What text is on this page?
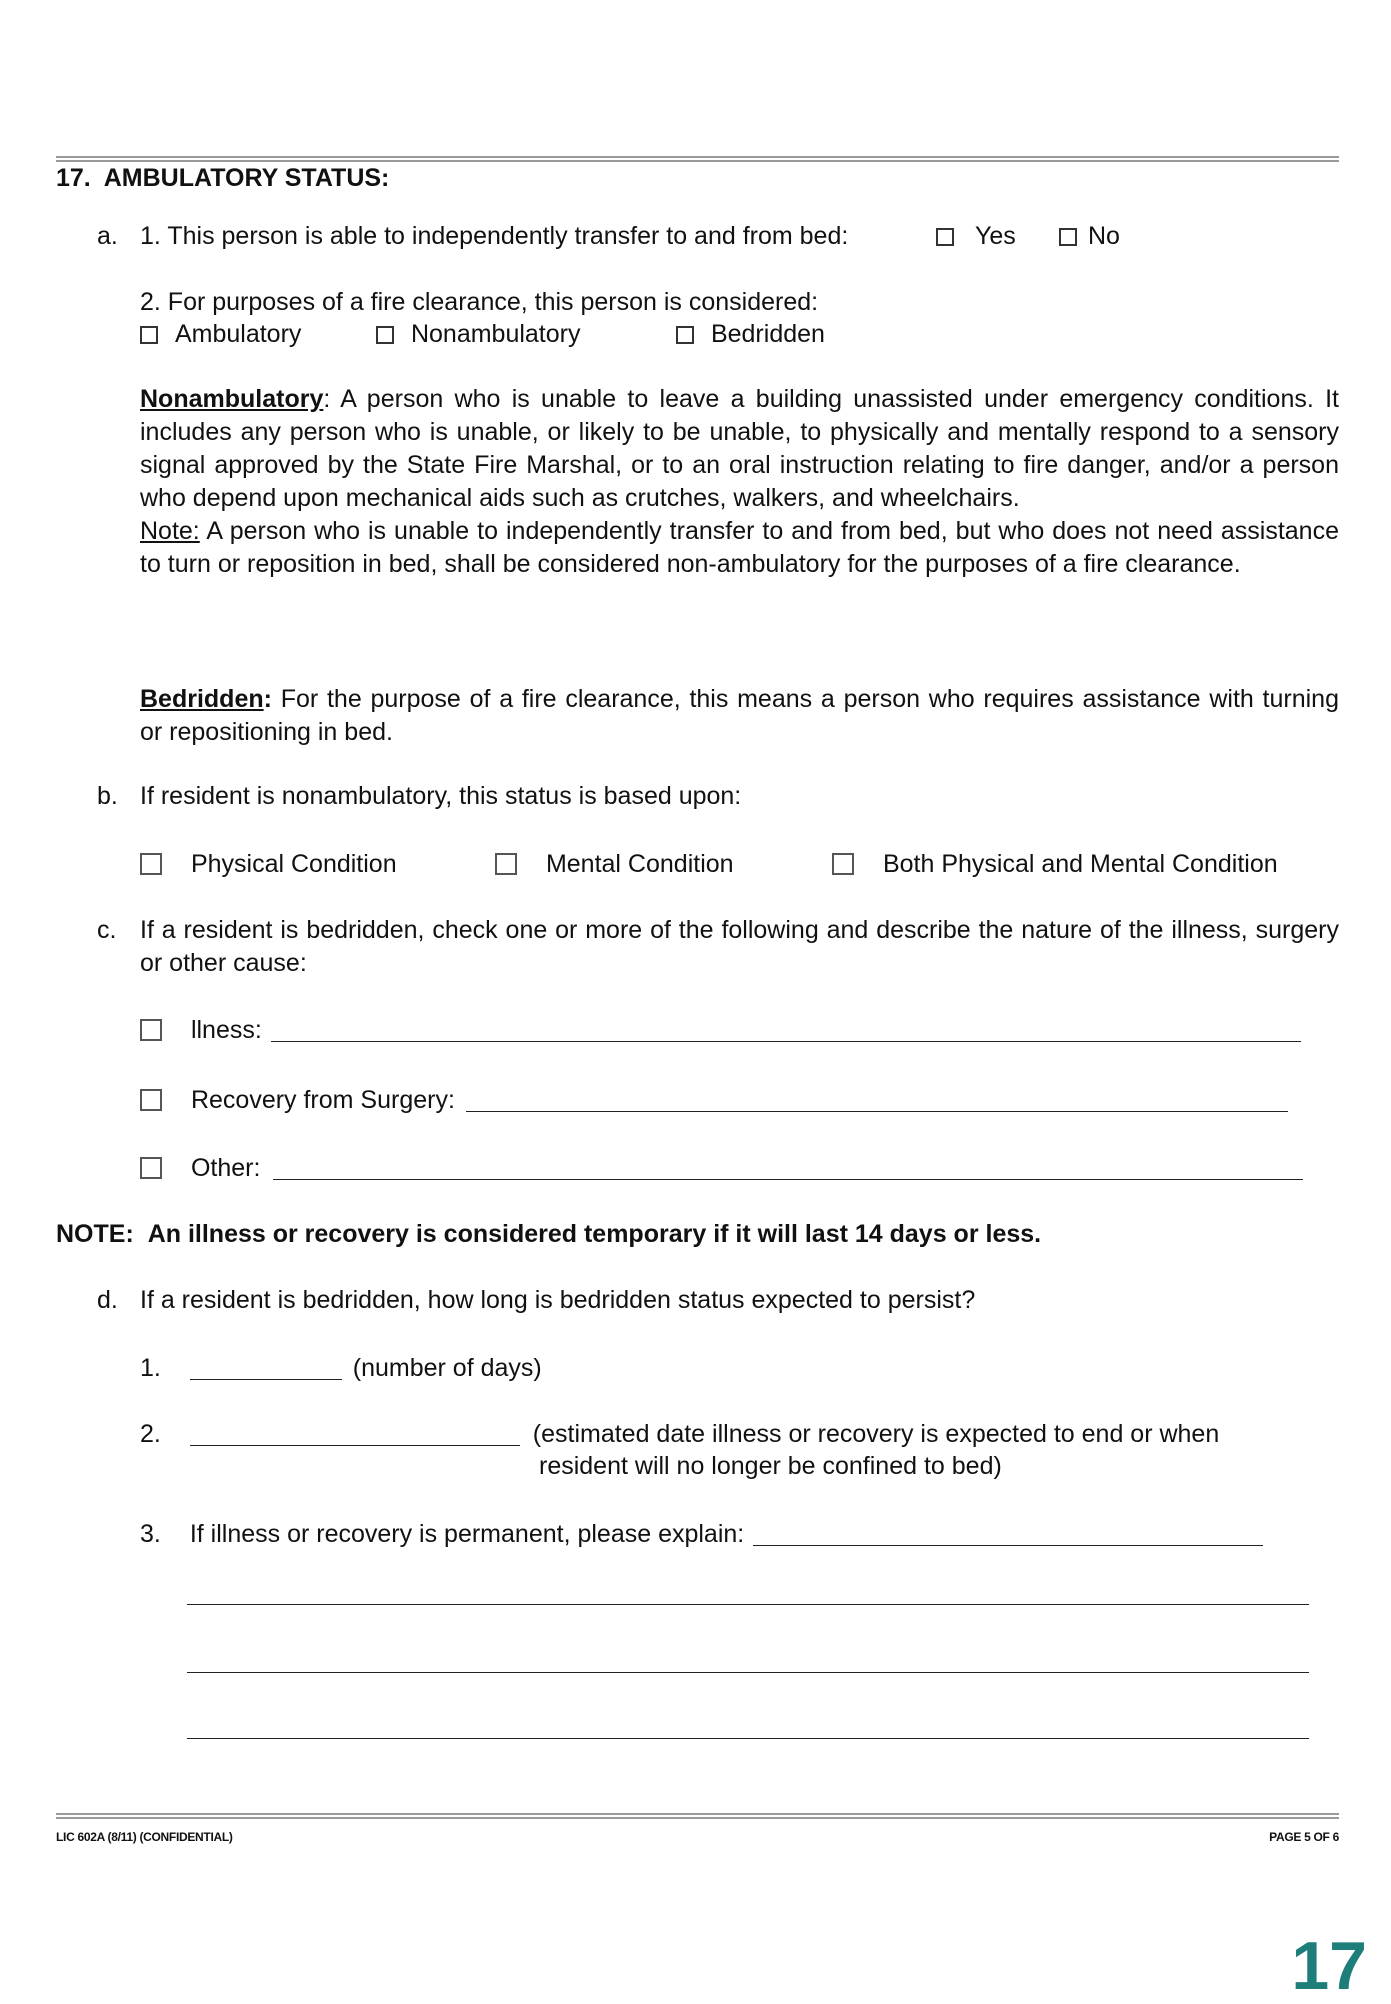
17. AMBULATORY STATUS:
a. 1. This person is able to independently transfer to and from bed:	Yes	No
2. For purposes of a fire clearance, this person is considered:
Ambulatory	Nonambulatory	Bedridden
Nonambulatory: A person who is unable to leave a building unassisted under emergency conditions. It includes any person who is unable, or likely to be unable, to physically and mentally respond to a sensory signal approved by the State Fire Marshal, or to an oral instruction relating to fire danger, and/or a person who depend upon mechanical aids such as crutches, walkers, and wheelchairs.
Note: A person who is unable to independently transfer to and from bed, but who does not need assistance to turn or reposition in bed, shall be considered non-ambulatory for the purposes of a fire clearance.
Bedridden: For the purpose of a fire clearance, this means a person who requires assistance with turning or repositioning in bed.
b. If resident is nonambulatory, this status is based upon:
Physical Condition	Mental Condition	Both Physical and Mental Condition
c. If a resident is bedridden, check one or more of the following and describe the nature of the illness, surgery or other cause:
llness:
Recovery from Surgery:
Other:
NOTE: An illness or recovery is considered temporary if it will last 14 days or less.
d. If a resident is bedridden, how long is bedridden status expected to persist?
1.	(number of days)
2.	(estimated date illness or recovery is expected to end or when
resident will no longer be confined to bed)
3. If illness or recovery is permanent, please explain:
LIC 602A (8/11) (CONFIDENTIAL)	PAGE 5 OF 6
17
